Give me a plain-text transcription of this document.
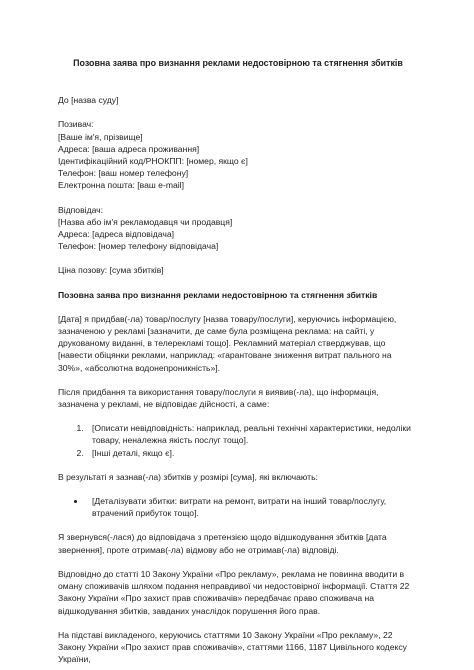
Позовна заява про визнання реклами недостовірною та стягнення збитків

До [назва суду]

Позивач:

[Ваше ім'я, прізвище]

Адреса: [ваша адреса проживання]

Ідентифікаційний код/РНОКПП: [номер, якщо є]

Телефон: [ваш номер телефону]

Електронна пошта: [ваш e-mail]

Відповідач:

[Назва або ім'я рекламодавця чи продавця]

Адреса: [адреса відповідача]

Телефон: [номер телефону відповідача]

Ціна позову: [сума збитків]

Позовна заява про визнання реклами недостовірною та стягнення збитків

[Дата] я придбав(-ла) товар/послугу [назва товару/послуги], керуючись інформацією, зазначеною у рекламі [зазначити, де саме була розміщена реклама: на сайті, у друкованому виданні, в телерекламі тощо]. Рекламний матеріал стверджував, що [навести обіцянки реклами, наприклад: «гарантоване зниження витрат пального на 30%», «абсолютна водонепроникність»].

Після придбання та використання товару/послуги я виявив(-ла), що інформація, зазначена у рекламі, не відповідає дійсності, а саме:

1. [Описати невідповідність: наприклад, реальні технічні характеристики, недоліки товару, неналежна якість послуг тощо].
2. [Інші деталі, якщо є].

В результаті я зазнав(-ла) збитків у розмірі [сума], які включають:

• [Деталізувати збитки: витрати на ремонт, витрати на інший товар/послугу, втрачений прибуток тощо].

Я звернувся(-лася) до відповідача з претензією щодо відшкодування збитків [дата звернення], проте отримав(-ла) відмову або не отримав(-ла) відповіді.

Відповідно до статті 10 Закону України «Про рекламу», реклама не повинна вводити в оману споживачів шляхом подання неправдивої чи недостовірної інформації. Стаття 22 Закону України «Про захист прав споживачів» передбачає право споживача на відшкодування збитків, завданих унаслідок порушення його прав.

На підставі викладеного, керуючись статтями 10 Закону України «Про рекламу», 22 Закону України «Про захист прав споживачів», статтями 1166, 1187 Цивільного кодексу України,
